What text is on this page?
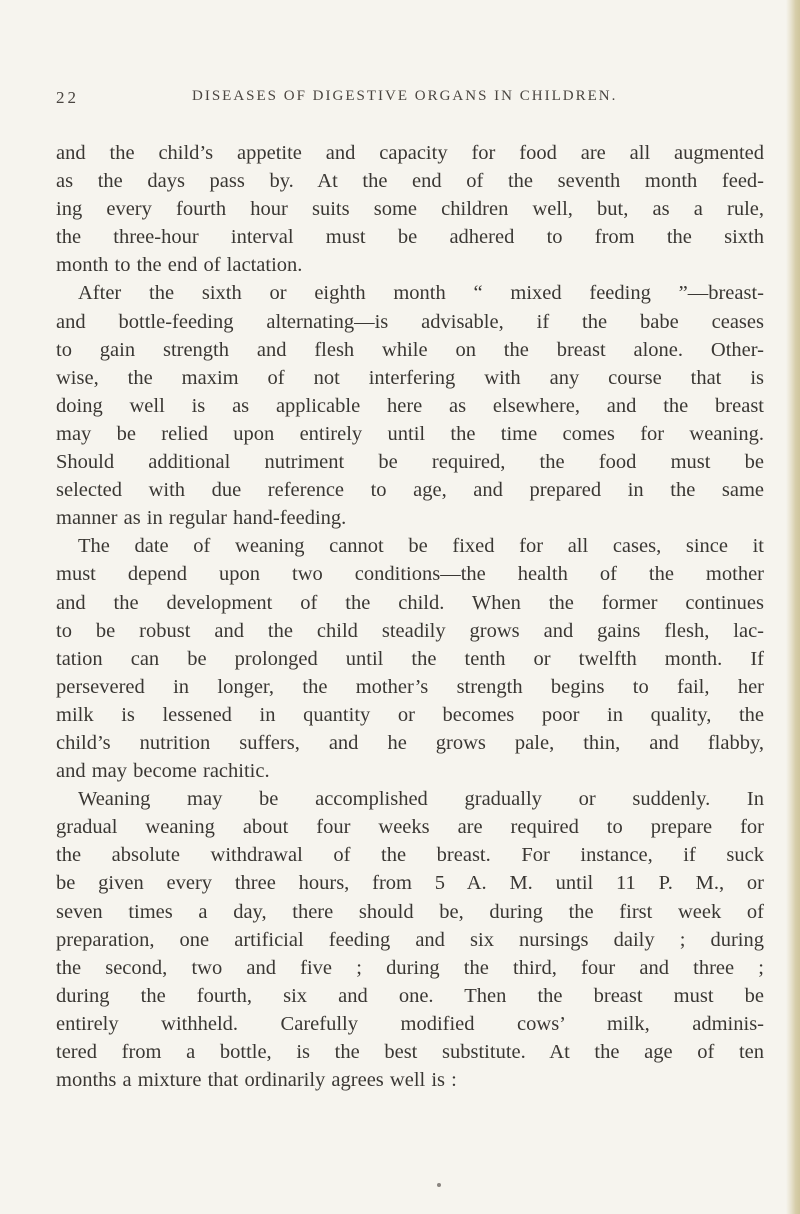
22	DISEASES OF DIGESTIVE ORGANS IN CHILDREN.
and the child’s appetite and capacity for food are all augmented
as the days pass by. At the end of the seventh month feed-
ing every fourth hour suits some children well, but, as a rule,
the three-hour interval must be adhered to from the sixth
month to the end of lactation.
After the sixth or eighth month “ mixed feeding ”—breast-
and bottle-feeding alternating—is advisable, if the babe ceases
to gain strength and flesh while on the breast alone. Other-
wise, the maxim of not interfering with any course that is
doing well is as applicable here as elsewhere, and the breast
may be relied upon entirely until the time comes for weaning.
Should additional nutriment be required, the food must be
selected with due reference to age, and prepared in the same
manner as in regular hand-feeding.
The date of weaning cannot be fixed for all cases, since it
must depend upon two conditions—the health of the mother
and the development of the child. When the former continues
to be robust and the child steadily grows and gains flesh, lac-
tation can be prolonged until the tenth or twelfth month. If
persevered in longer, the mother’s strength begins to fail, her
milk is lessened in quantity or becomes poor in quality, the
child’s nutrition suffers, and he grows pale, thin, and flabby,
and may become rachitic.
Weaning may be accomplished gradually or suddenly. In
gradual weaning about four weeks are required to prepare for
the absolute withdrawal of the breast. For instance, if suck
be given every three hours, from 5 A. M. until 11 P. M., or
seven times a day, there should be, during the first week of
preparation, one artificial feeding and six nursings daily ; during
the second, two and five ; during the third, four and three ;
during the fourth, six and one. Then the breast must be
entirely withheld. Carefully modified cows’ milk, adminis-
tered from a bottle, is the best substitute. At the age of ten
months a mixture that ordinarily agrees well is :
